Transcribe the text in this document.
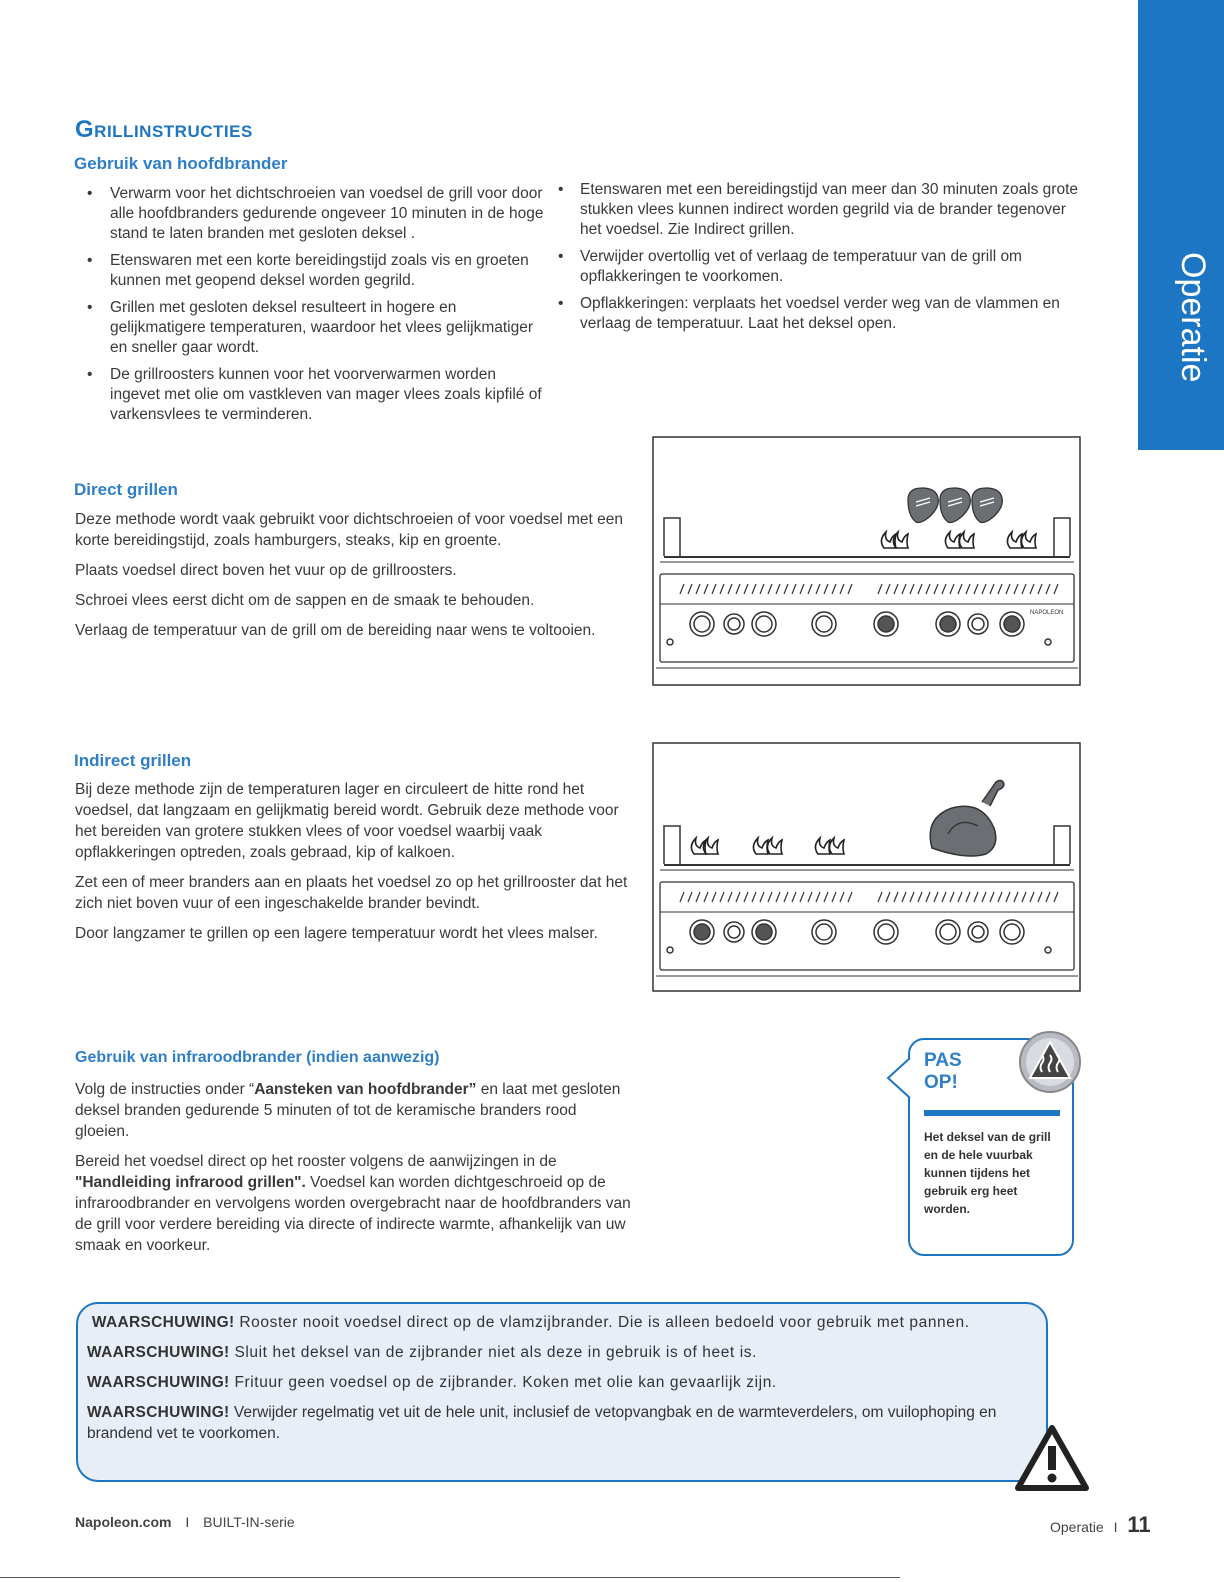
Operatie
GRILLINSTRUCTIES
Gebruik van hoofdbrander
• Verwarm voor het dichtschroeien van voedsel de grill voor door alle hoofdbranders gedurende ongeveer 10 minuten in de hoge stand te laten branden met gesloten deksel .
• Etenswaren met een korte bereidingstijd zoals vis en groeten kunnen met geopend deksel worden gegrild.
• Grillen met gesloten deksel resulteert in hogere en gelijkmatigere temperaturen, waardoor het vlees gelijkmatiger en sneller gaar wordt.
• De grillroosters kunnen voor het voorverwarmen worden ingevet met olie om vastkleven van mager vlees zoals kipfilé of varkensvlees te verminderen.
• Etenswaren met een bereidingstijd van meer dan 30 minuten zoals grote stukken vlees kunnen indirect worden gegrild via de brander tegenover het voedsel. Zie Indirect grillen.
• Verwijder overtollig vet of verlaag de temperatuur van de grill om opflakkeringen te voorkomen.
• Opflakkeringen: verplaats het voedsel verder weg van de vlammen en verlaag de temperatuur. Laat het deksel open.
Direct grillen

Deze methode wordt vaak gebruikt voor dichtschroeien of voor voedsel met een korte bereidingstijd, zoals hamburgers, steaks, kip en groente.

Plaats voedsel direct boven het vuur op de grillroosters.

Schroei vlees eerst dicht om de sappen en de smaak te behouden.

Verlaag de temperatuur van de grill om de bereiding naar wens te voltooien.

NAPOLEON
Indirect grillen

Bij deze methode zijn de temperaturen lager en circuleert de hitte rond het voedsel, dat langzaam en gelijkmatig bereid wordt. Gebruik deze methode voor het bereiden van grotere stukken vlees of voor voedsel waarbij vaak opflakkeringen optreden, zoals gebraad, kip of kalkoen.

Zet een of meer branders aan en plaats het voedsel zo op het grillrooster dat het zich niet boven vuur of een ingeschakelde brander bevindt.

Door langzamer te grillen op een lagere temperatuur wordt het vlees malser.

Gebruik van infraroodbrander (indien aanwezig)

Volg de instructies onder “Aansteken van hoofdbrander” en laat met gesloten deksel branden gedurende 5 minuten of tot de keramische branders rood gloeien.

Bereid het voedsel direct op het rooster volgens de aanwijzingen in de "Handleiding infrarood grillen". Voedsel kan worden dichtgeschroeid op de infraroodbrander en vervolgens worden overgebracht naar de hoofdbranders van de grill voor verdere bereiding via directe of indirecte warmte, afhankelijk van uw smaak en voorkeur.

PAS
OP!
Het deksel van de grill en de hele vuurbak kunnen tijdens het gebruik erg heet worden.

WAARSCHUWING! Rooster nooit voedsel direct op de vlamzijbrander. Die is alleen bedoeld voor gebruik met pannen.

WAARSCHUWING! Sluit het deksel van de zijbrander niet als deze in gebruik is of heet is.

WAARSCHUWING! Frituur geen voedsel op de zijbrander. Koken met olie kan gevaarlijk zijn.

WAARSCHUWING! Verwijder regelmatig vet uit de hele unit, inclusief de vetopvangbak en de warmteverdelers, om vuilophoping en brandend vet te voorkomen.

Napoleon.com I BUILT-IN-serie	Operatie I 11
